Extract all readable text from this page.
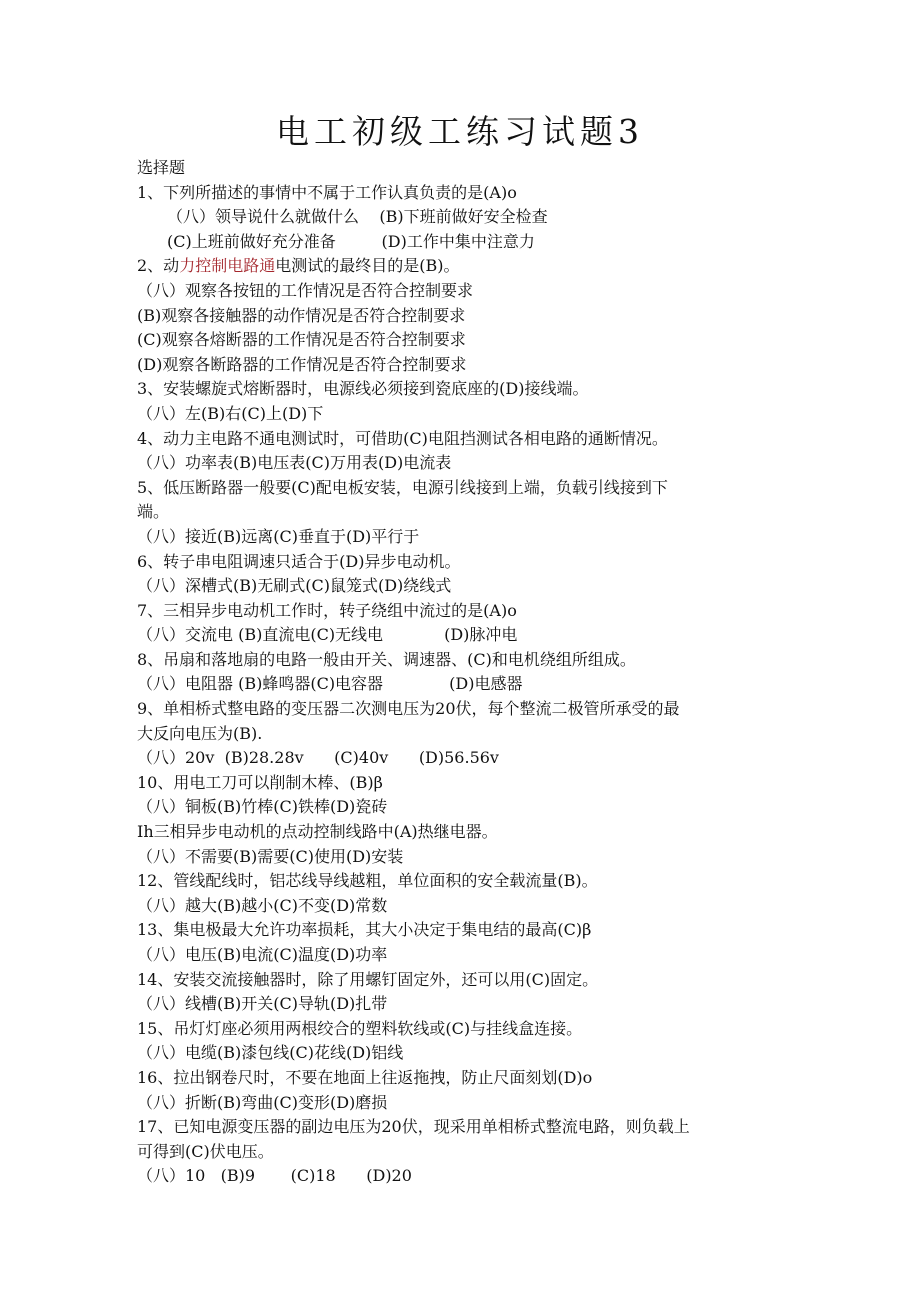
电工初级工练习试题3
选择题
1、下列所描述的事情中不属于工作认真负责的是(A)o
（八）领导说什么就做什么    (B)下班前做好安全检查
(C)上班前做好充分准备         (D)工作中集中注意力
2、动力控制电路通电测试的最终目的是(B)。
（八）观察各按钮的工作情况是否符合控制要求
(B)观察各接触器的动作情况是否符合控制要求
(C)观察各熔断器的工作情况是否符合控制要求
(D)观察各断路器的工作情况是否符合控制要求
3、安装螺旋式熔断器时，电源线必须接到瓷底座的(D)接线端。
（八）左(B)右(C)上(D)下
4、动力主电路不通电测试时，可借助(C)电阻挡测试各相电路的通断情况。
（八）功率表(B)电压表(C)万用表(D)电流表
5、低压断路器一般要(C)配电板安装，电源引线接到上端，负载引线接到下
端。
（八）接近(B)远离(C)垂直于(D)平行于
6、转子串电阻调速只适合于(D)异步电动机。
（八）深槽式(B)无刷式(C)鼠笼式(D)绕线式
7、三相异步电动机工作时，转子绕组中流过的是(A)o
（八）交流电 (B)直流电(C)无线电            (D)脉冲电
8、吊扇和落地扇的电路一般由开关、调速器、(C)和电机绕组所组成。
（八）电阻器 (B)蜂鸣器(C)电容器             (D)电感器
9、单相桥式整电路的变压器二次测电压为20伏，每个整流二极管所承受的最
大反向电压为(B).
（八）20v  (B)28.28v      (C)40v      (D)56.56v
10、用电工刀可以削制木棒、(B)β
（八）铜板(B)竹棒(C)铁棒(D)瓷砖
Ih三相异步电动机的点动控制线路中(A)热继电器。
（八）不需要(B)需要(C)使用(D)安装
12、管线配线时，铝芯线导线越粗，单位面积的安全载流量(B)。
（八）越大(B)越小(C)不变(D)常数
13、集电极最大允许功率损耗，其大小决定于集电结的最高(C)β
（八）电压(B)电流(C)温度(D)功率
14、安装交流接触器时，除了用螺钉固定外，还可以用(C)固定。
（八）线槽(B)开关(C)导轨(D)扎带
15、吊灯灯座必须用两根绞合的塑料软线或(C)与挂线盒连接。
（八）电缆(B)漆包线(C)花线(D)铝线
16、拉出钢卷尺时，不要在地面上往返拖拽，防止尺面刻划(D)o
（八）折断(B)弯曲(C)变形(D)磨损
17、已知电源变压器的副边电压为20伏，现采用单相桥式整流电路，则负载上
可得到(C)伏电压。
（八）10   (B)9       (C)18      (D)20
